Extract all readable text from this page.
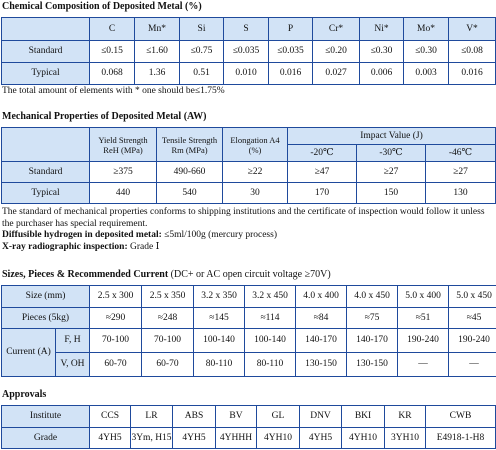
Chemical Composition of Deposited Metal (%)

	C	Mn*	Si	S	P	Cr*	Ni*	Mo*	V*
Standard	≤0.15	≤1.60	≤0.75	≤0.035	≤0.035	≤0.20	≤0.30	≤0.30	≤0.08
Typical	0.068	1.36	0.51	0.010	0.016	0.027	0.006	0.003	0.016

The total amount of elements with * one should be≤1.75%

Mechanical Properties of Deposited Metal (AW)

	Yield Strength ReH (MPa)	Tensile Strength Rm (MPa)	Elongation A4 (%)	Impact Value (J)		
				-20℃	-30℃	-46℃
Standard	≥375	490-660	≥22	≥47	≥27	≥27
Typical	440	540	30	170	150	130

The standard of mechanical properties conforms to shipping institutions and the certificate of inspection would follow it unless the purchaser has special requirement.

Diffusible hydrogen in deposited metal: ≤5ml/100g (mercury process)

X-ray radiographic inspection: Grade Ⅰ

Sizes, Pieces & Recommended Current (DC+ or AC open circuit voltage ≥70V)

Size (mm)		2.5 x 300	2.5 x 350	3.2 x 350	3.2 x 450	4.0 x 400	4.0 x 450	5.0 x 400	5.0 x 450
Pieces (5kg)		≈290	≈248	≈145	≈114	≈84	≈75	≈51	≈45
Current (A)	F, H	70-100	70-100	100-140	100-140	140-170	140-170	190-240	190-240
	V, OH	60-70	60-70	80-110	80-110	130-150	130-150	—	—

Approvals

Institute	CCS	LR	ABS	BV	GL	DNV	BKI	KR	CWB
Grade	4YH5	3Ym, H15	4YH5	4YHHH	4YH10	4YH5	4YH10	3YH10	E4918-1-H8
